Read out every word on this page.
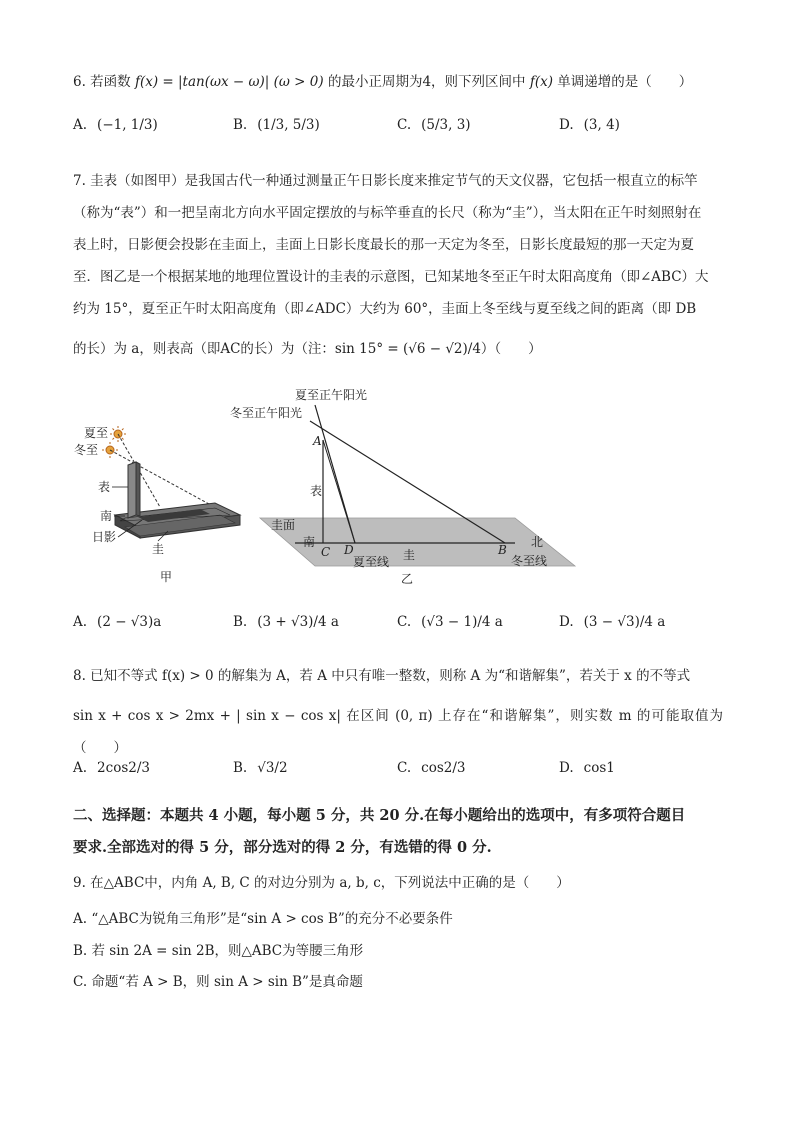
6. 若函数 f(x) = |tan(ωx − ω)| (ω > 0) 的最小正周期为4，则下列区间中 f(x) 单调递增的是（　　）
A. (−1, 1/3)	B. (1/3, 5/3)	C. (5/3, 3)	D. (3, 4)
7. 圭表（如图甲）是我国古代一种通过测量正午日影长度来推定节气的天文仪器，它包括一根直立的标竿
（称为“表”）和一把呈南北方向水平固定摆放的与标竿垂直的长尺（称为“圭”），当太阳在正午时刻照射在
表上时，日影便会投影在圭面上，圭面上日影长度最长的那一天定为冬至，日影长度最短的那一天定为夏
至．图乙是一个根据某地的地理位置设计的圭表的示意图，已知某地冬至正午时太阳高度角（即∠ABC）大
约为 15°，夏至正午时太阳高度角（即∠ADC）大约为 60°，圭面上冬至线与夏至线之间的距离（即 DB
的长）为 a，则表高（即AC的长）为（注：sin 15° = (√6 − √2)/4）（　　）
夏至
冬至
表
南
日影
圭
甲
夏至正午阳光
冬至正午阳光
A
表
圭面
南
C D
夏至线 圭	B
北
冬至线
乙
A. (2 − √3)a	B. (3 + √3)/4 a	C. (√3 − 1)/4 a	D. (3 − √3)/4 a
8. 已知不等式 f(x) > 0 的解集为 A，若 A 中只有唯一整数，则称 A 为“和谐解集”，若关于 x 的不等式
sin x + cos x > 2mx + | sin x − cos x| 在区间 (0, π) 上存在“和谐解集”，则实数 m 的可能取值为（　　）
A. 2cos2/3	B. √3/2	C. cos2/3	D. cos1
二、选择题：本题共 4 小题，每小题 5 分，共 20 分.在每小题给出的选项中，有多项符合题目
要求.全部选对的得 5 分，部分选对的得 2 分，有选错的得 0 分.
9. 在△ABC中，内角 A, B, C 的对边分别为 a, b, c，下列说法中正确的是（　　）
A. “△ABC为锐角三角形”是“sin A > cos B”的充分不必要条件
B. 若 sin 2A = sin 2B，则△ABC为等腰三角形
C. 命题“若 A > B，则 sin A > sin B”是真命题
